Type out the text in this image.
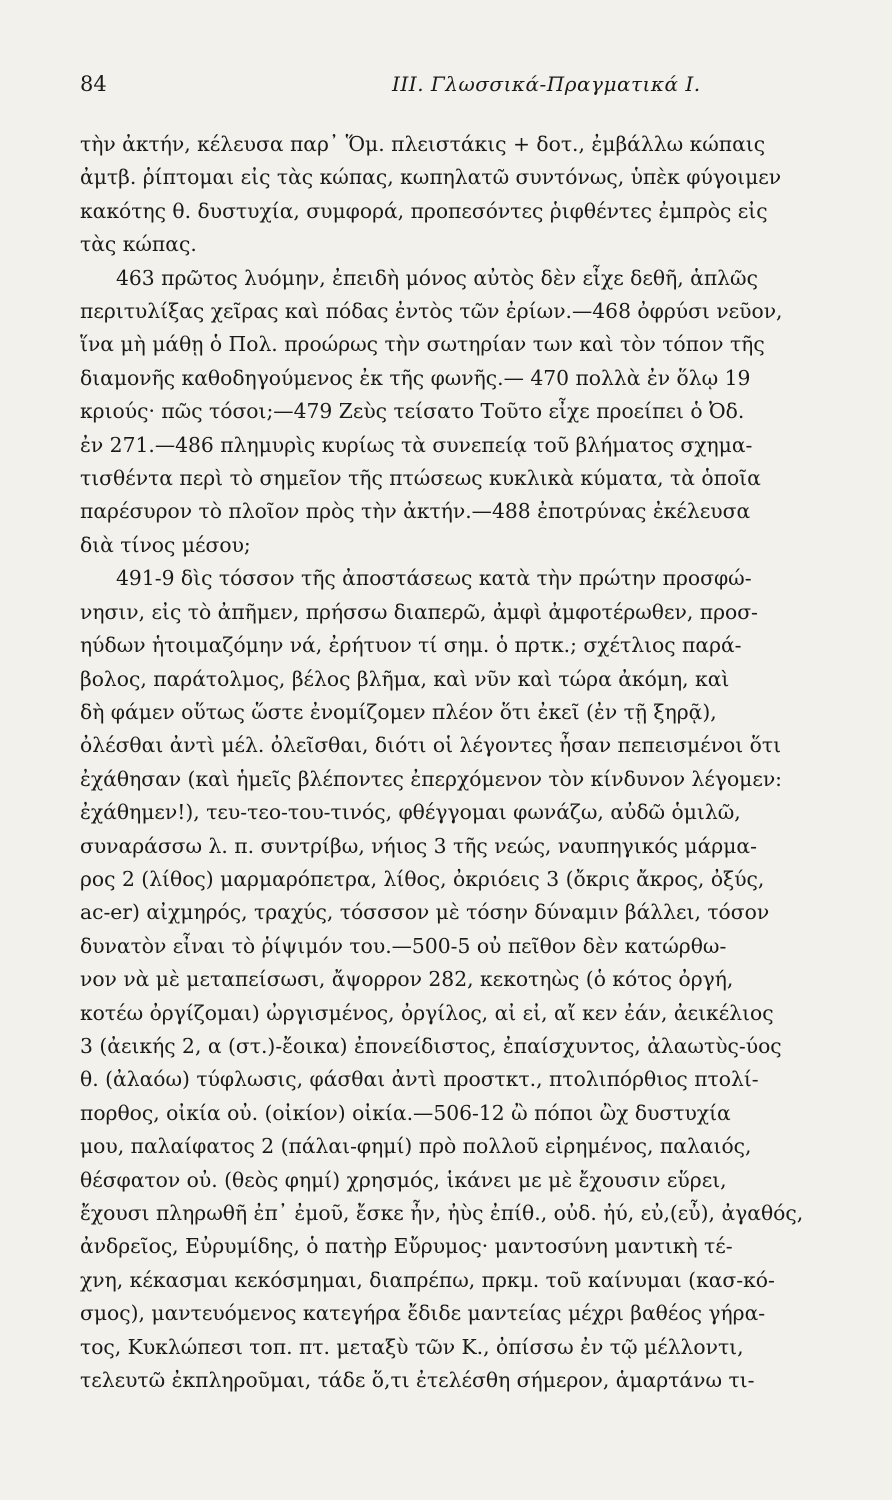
84	III. Γλωσσικά-Πραγματικά Ι.

τὴν ἀκτήν, κέλευσα παρ᾽ Ὅμ. πλειστάκις + δοτ., ἐμβάλλω κώπαις
ἀμτβ. ῥίπτομαι εἰς τὰς κώπας, κωπηλατῶ συντόνως, ὑπὲκ φύγοιμεν
κακότης θ. δυστυχία, συμφορά, προπεσόντες ῥιφθέντες ἐμπρὸς εἰς
τὰς κώπας.

463 πρῶτος λυόμην, ἐπειδὴ μόνος αὐτὸς δὲν εἶχε δεθῆ, ἁπλῶς
περιτυλίξας χεῖρας καὶ πόδας ἐντὸς τῶν ἐρίων.—468 ὀφρύσι νεῦον,
ἵνα μὴ μάθῃ ὁ Πολ. προώρως τὴν σωτηρίαν των καὶ τὸν τόπον τῆς
διαμονῆς καθοδηγούμενος ἐκ τῆς φωνῆς.— 470 πολλὰ ἐν ὅλῳ 19
κριούς· πῶς τόσοι;—479 Ζεὺς τείσατο Τοῦτο εἶχε προείπει ὁ Ὀδ.
ἐν 271.—486 πλημυρὶς κυρίως τὰ συνεπείᾳ τοῦ βλήματος σχημα-
τισθέντα περὶ τὸ σημεῖον τῆς πτώσεως κυκλικὰ κύματα, τὰ ὁποῖα
παρέσυρον τὸ πλοῖον πρὸς τὴν ἀκτήν.—488 ἐποτρύνας ἐκέλευσα
διὰ τίνος μέσου;

491-9 δὶς τόσσον τῆς ἀποστάσεως κατὰ τὴν πρώτην προσφώ-
νησιν, εἰς τὸ ἀπῆμεν, πρήσσω διαπερῶ, ἀμφὶ ἀμφοτέρωθεν, προσ-
ηύδων ἡτοιμαζόμην νά, ἐρήτυον τί σημ. ὁ πρτκ.; σχέτλιος παρά-
βολος, παράτολμος, βέλος βλῆμα, καὶ νῦν καὶ τώρα ἀκόμη, καὶ
δὴ φάμεν οὕτως ὥστε ἐνομίζομεν πλέον ὅτι ἐκεῖ (ἐν τῇ ξηρᾷ),
ὀλέσθαι ἀντὶ μέλ. ὀλεῖσθαι, διότι οἱ λέγοντες ἦσαν πεπεισμένοι ὅτι
ἐχάθησαν (καὶ ἡμεῖς βλέποντες ἐπερχόμενον τὸν κίνδυνον λέγομεν:
ἐχάθημεν!), τευ-τεο-του-τινός, φθέγγομαι φωνάζω, αὐδῶ ὁμιλῶ,
συναράσσω λ. π. συντρίβω, νήιος 3 τῆς νεώς, ναυπηγικός μάρμα-
ρος 2 (λίθος) μαρμαρόπετρα, λίθος, ὀκριόεις 3 (ὄκρις ἄκρος, ὀξύς,
ac-er) αἰχμηρός, τραχύς, τόσσσον μὲ τόσην δύναμιν βάλλει, τόσον
δυνατὸν εἶναι τὸ ῥίψιμόν του.—500-5 οὐ πεῖθον δὲν κατώρθω-
νον νὰ μὲ μεταπείσωσι, ἄψορρον 282, κεκοτηὼς (ὁ κότος ὀργή,
κοτέω ὀργίζομαι) ὠργισμένος, ὀργίλος, αἰ εἰ, αἴ κεν ἐάν, ἀεικέλιος
3 (ἀεικής 2, α (στ.)-ἔοικα) ἐπονείδιστος, ἐπαίσχυντος, ἀλαωτὺς-ύος
θ. (ἀλαόω) τύφλωσις, φάσθαι ἀντὶ προστκτ., πτολιπόρθιος πτολί-
πορθος, οἰκία οὐ. (οἰκίον) οἰκία.—506-12 ὢ πόποι ὢχ δυστυχία
μου, παλαίφατος 2 (πάλαι-φημί) πρὸ πολλοῦ εἰρημένος, παλαιός,
θέσφατον οὐ. (θεὸς φημί) χρησμός, ἱκάνει με μὲ ἔχουσιν εὕρει,
ἔχουσι πληρωθῆ ἐπ᾽ ἐμοῦ, ἔσκε ἦν, ἠὺς ἐπίθ., οὐδ. ἠύ, εὐ,(εὖ), ἀγαθός,
ἀνδρεῖος, Εὐρυμίδης, ὁ πατὴρ Εὔρυμος· μαντοσύνη μαντικὴ τέ-
χνη, κέκασμαι κεκόσμημαι, διαπρέπω, πρκμ. τοῦ καίνυμαι (κασ-κό-
σμος), μαντευόμενος κατεγήρα ἔδιδε μαντείας μέχρι βαθέος γήρα-
τος, Κυκλώπεσι τοπ. πτ. μεταξὺ τῶν Κ., ὀπίσσω ἐν τῷ μέλλοντι,
τελευτῶ ἐκπληροῦμαι, τάδε ὅ,τι ἐτελέσθη σήμερον, ἁμαρτάνω τι-
